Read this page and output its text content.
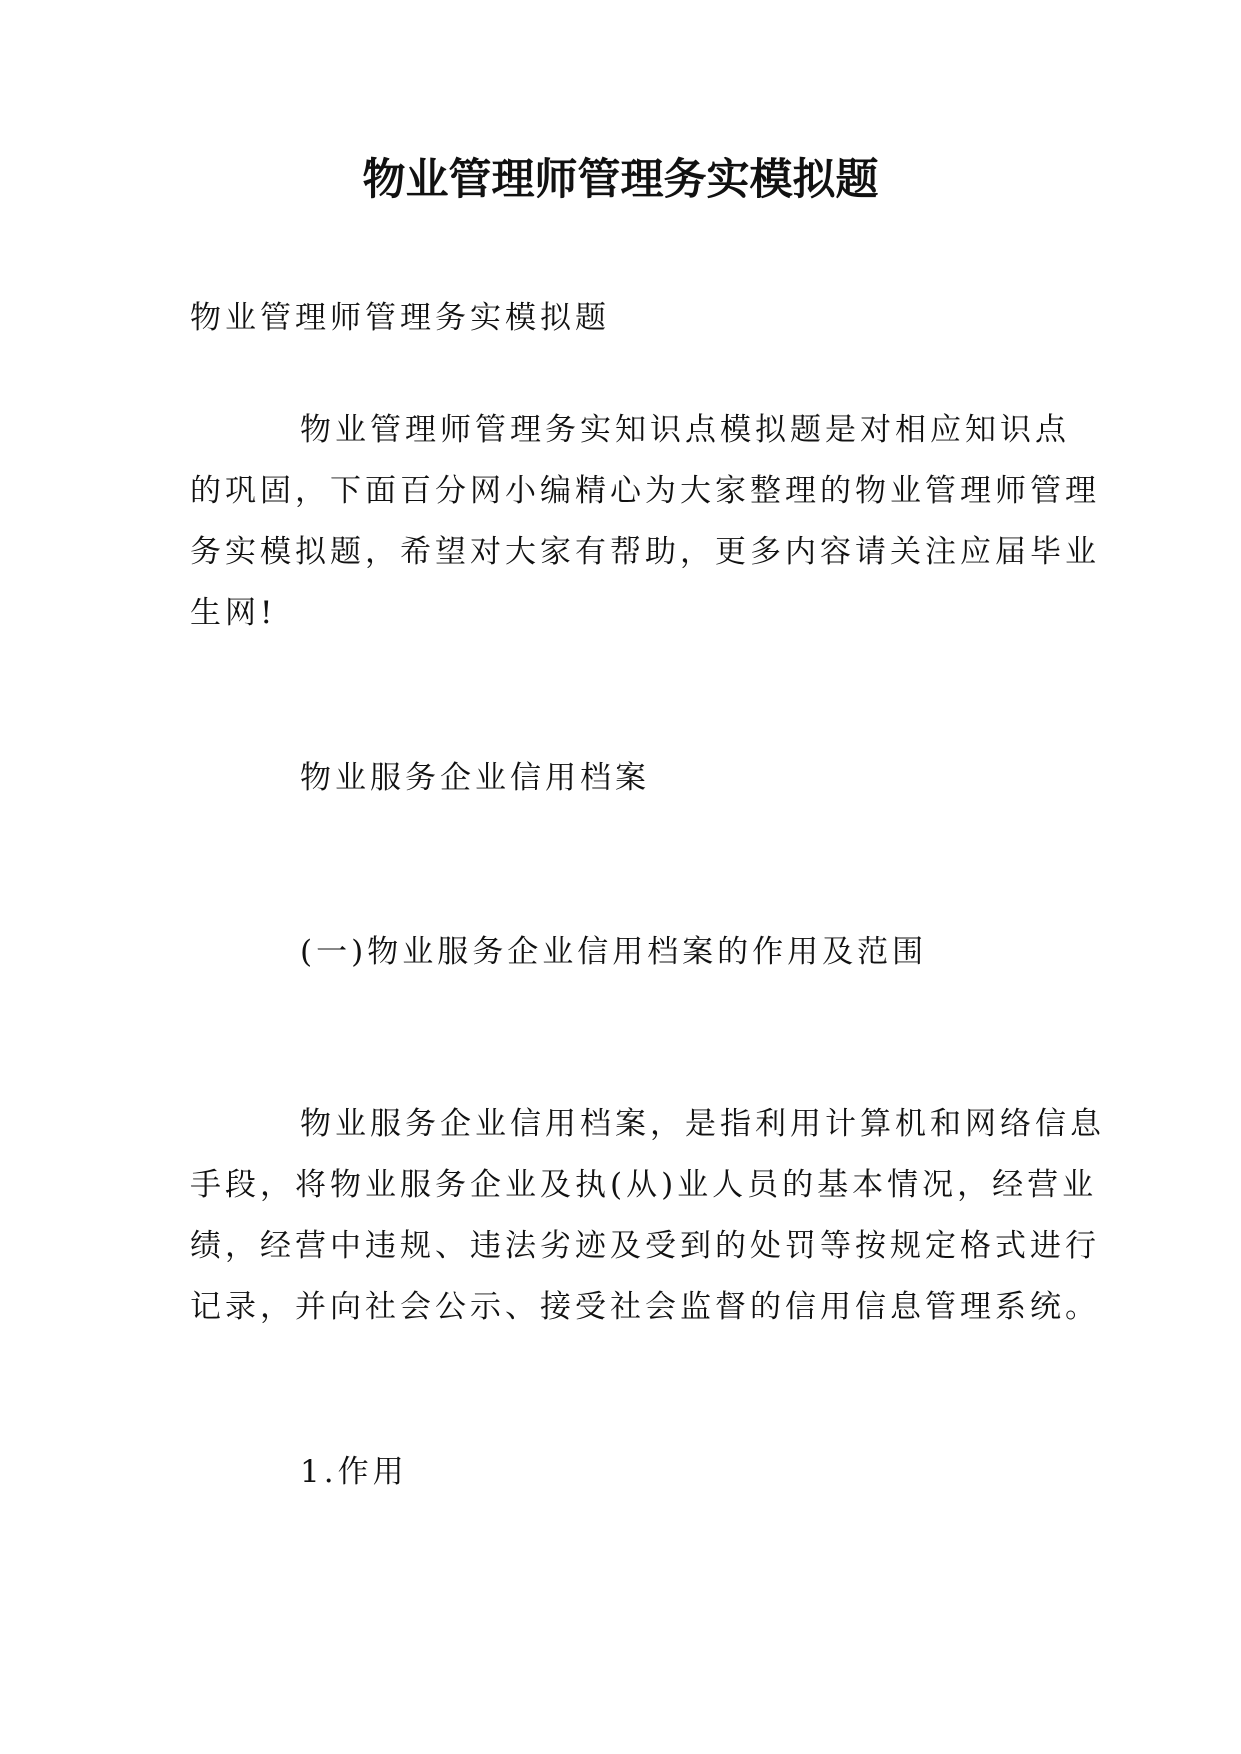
物业管理师管理务实模拟题

物业管理师管理务实模拟题

物业管理师管理务实知识点模拟题是对相应知识点
的巩固，下面百分网小编精心为大家整理的物业管理师管理
务实模拟题，希望对大家有帮助，更多内容请关注应届毕业
生网!

物业服务企业信用档案

(一)物业服务企业信用档案的作用及范围

物业服务企业信用档案，是指利用计算机和网络信息
手段，将物业服务企业及执(从)业人员的基本情况，经营业
绩，经营中违规、违法劣迹及受到的处罚等按规定格式进行
记录，并向社会公示、接受社会监督的信用信息管理系统。

1.作用
